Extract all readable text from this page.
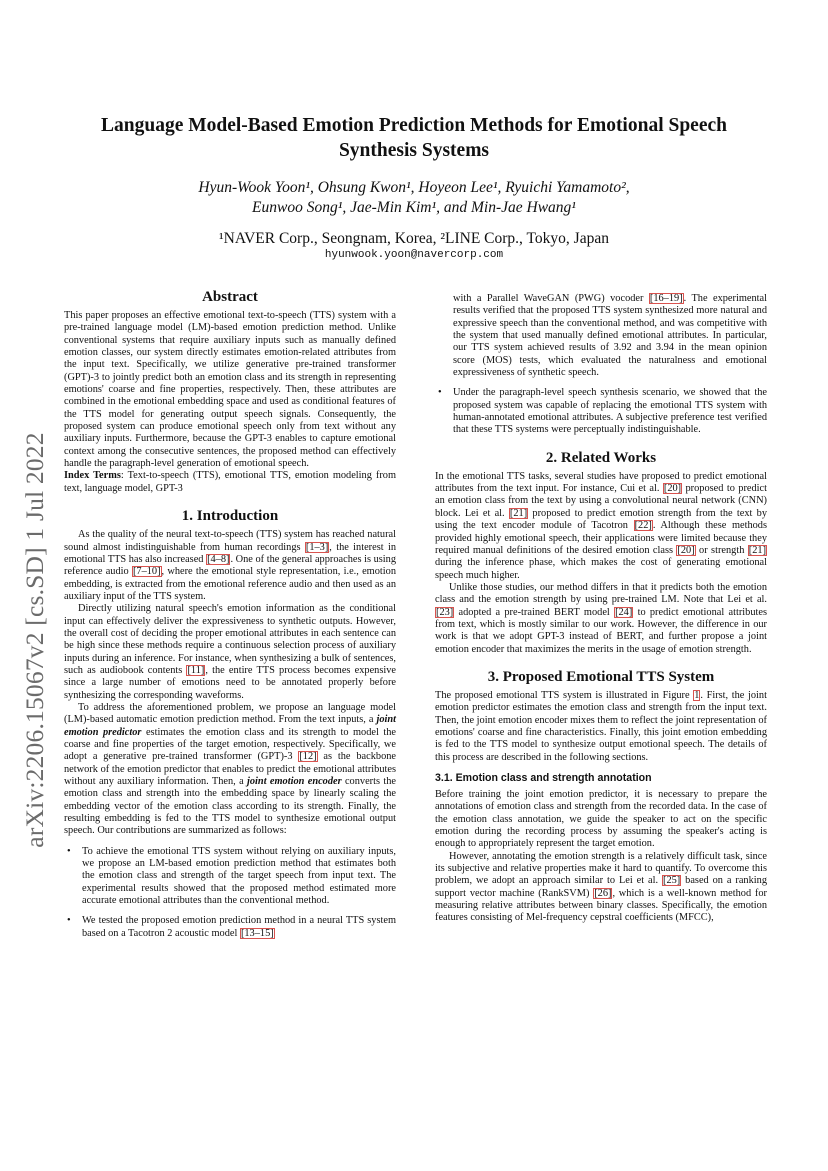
arXiv:2206.15067v2 [cs.SD] 1 Jul 2022
Language Model-Based Emotion Prediction Methods for Emotional Speech
Synthesis Systems
Hyun-Wook Yoon¹, Ohsung Kwon¹, Hoyeon Lee¹, Ryuichi Yamamoto²,
Eunwoo Song¹, Jae-Min Kim¹, and Min-Jae Hwang¹
¹NAVER Corp., Seongnam, Korea, ²LINE Corp., Tokyo, Japan
hyunwook.yoon@navercorp.com
Abstract

This paper proposes an effective emotional text-to-speech (TTS) system with a pre-trained language model (LM)-based emotion prediction method. Unlike conventional systems that require auxiliary inputs such as manually defined emotion classes, our system directly estimates emotion-related attributes from the input text. Specifically, we utilize generative pre-trained transformer (GPT)-3 to jointly predict both an emotion class and its strength in representing emotions' coarse and fine properties, respectively. Then, these attributes are combined in the emotional embedding space and used as conditional features of the TTS model for generating output speech signals. Consequently, the proposed system can produce emotional speech only from text without any auxiliary inputs. Furthermore, because the GPT-3 enables to capture emotional context among the consecutive sentences, the proposed method can effectively handle the paragraph-level generation of emotional speech.

Index Terms: Text-to-speech (TTS), emotional TTS, emotion modeling from text, language model, GPT-3

1. Introduction

As the quality of the neural text-to-speech (TTS) system has reached natural sound almost indistinguishable from human recordings [1–3], the interest in emotional TTS has also increased [4–8]. One of the general approaches is using reference audio [7–10], where the emotional style representation, i.e., emotion embedding, is extracted from the emotional reference audio and then used as an auxiliary input of the TTS system.

Directly utilizing natural speech's emotion information as the conditional input can effectively deliver the expressiveness to synthetic outputs. However, the overall cost of deciding the proper emotional attributes in each sentence can be high since these methods require a continuous selection process of auxiliary inputs during an inference. For instance, when synthesizing a bulk of sentences, such as audiobook contents [11], the entire TTS process becomes expensive since a large number of emotions need to be annotated properly before synthesizing the corresponding waveforms.

To address the aforementioned problem, we propose an language model (LM)-based automatic emotion prediction method. From the text inputs, a joint emotion predictor estimates the emotion class and its strength to model the coarse and fine properties of the target emotion, respectively. Specifically, we adopt a generative pre-trained transformer (GPT)-3 [12] as the backbone network of the emotion predictor that enables to predict the emotional attributes without any auxiliary information. Then, a joint emotion encoder converts the emotion class and strength into the embedding space by linearly scaling the embedding vector of the emotion class according to its strength. Finally, the resulting embedding is fed to the TTS model to synthesize emotional output speech. Our contributions are summarized as follows:

• To achieve the emotional TTS system without relying on auxiliary inputs, we propose an LM-based emotion prediction method that estimates both the emotion class and strength of the target speech from input text. The experimental results showed that the proposed method estimated more accurate emotional attributes than the conventional method.
• We tested the proposed emotion prediction method in a neural TTS system based on a Tacotron 2 acoustic model [13–15]
with a Parallel WaveGAN (PWG) vocoder [16–19]. The experimental results verified that the proposed TTS system synthesized more natural and expressive speech than the conventional method, and was competitive with the system that used manually defined emotional attributes. In particular, our TTS system achieved results of 3.92 and 3.94 in the mean opinion score (MOS) tests, which evaluated the naturalness and emotional expressiveness of synthetic speech.
• Under the paragraph-level speech synthesis scenario, we showed that the proposed system was capable of replacing the emotional TTS system with human-annotated emotional attributes. A subjective preference test verified that these TTS systems were perceptually indistinguishable.
2. Related Works

In the emotional TTS tasks, several studies have proposed to predict emotional attributes from the text input. For instance, Cui et al. [20] proposed to predict an emotion class from the text by using a convolutional neural network (CNN) block. Lei et al. [21] proposed to predict emotion strength from the text by using the text encoder module of Tacotron [22]. Although these methods provided highly emotional speech, their applications were limited because they required manual definitions of the desired emotion class [20] or strength [21] during the inference phase, which makes the cost of generating emotional speech much higher.

Unlike those studies, our method differs in that it predicts both the emotion class and the emotion strength by using pre-trained LM. Note that Lei et al. [23] adopted a pre-trained BERT model [24] to predict emotional attributes from text, which is mostly similar to our work. However, the difference in our work is that we adopt GPT-3 instead of BERT, and further propose a joint emotion encoder that maximizes the merits in the usage of emotion strength.

3. Proposed Emotional TTS System

The proposed emotional TTS system is illustrated in Figure 1. First, the joint emotion predictor estimates the emotion class and strength from the input text. Then, the joint emotion encoder mixes them to reflect the joint representation of emotions' coarse and fine characteristics. Finally, this joint emotion embedding is fed to the TTS model to synthesize output emotional speech. The details of this process are described in the following sections.

3.1. Emotion class and strength annotation

Before training the joint emotion predictor, it is necessary to prepare the annotations of emotion class and strength from the recorded data. In the case of the emotion class annotation, we guide the speaker to act on the specific emotion during the recording process by assuming the speaker's acting is enough to appropriately represent the target emotion.

However, annotating the emotion strength is a relatively difficult task, since its subjective and relative properties make it hard to quantify. To overcome this problem, we adopt an approach similar to Lei et al. [25] based on a ranking support vector machine (RankSVM) [26], which is a well-known method for measuring relative attributes between binary classes. Specifically, the emotion features consisting of Mel-frequency cepstral coefficients (MFCC),
